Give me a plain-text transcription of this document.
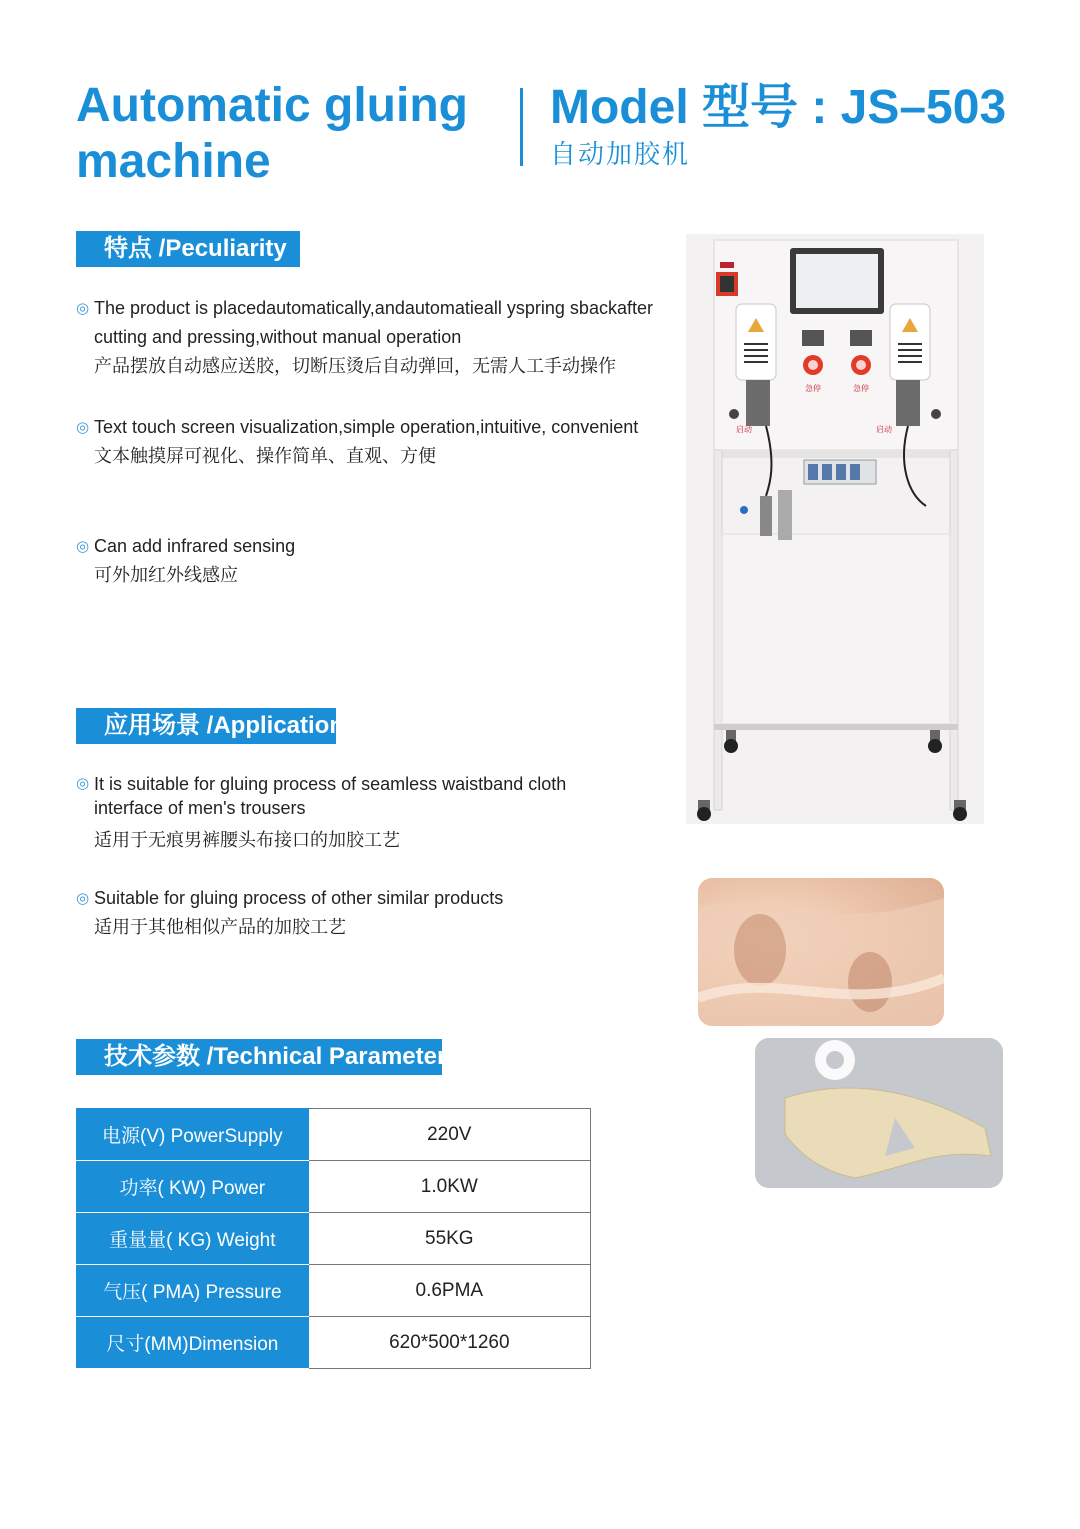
Automatic gluing
machine
Model 型号 : JS–503
自动加胶机
特点 /Peculiarity
◎ The product is placedautomatically,andautomatieall yspring sbackafter cutting and pressing,without manual operation
产品摆放自动感应送胶，切断压烫后自动弹回，无需人工手动操作
◎ Text touch screen visualization,simple operation,intuitive, convenient
文本触摸屏可视化、操作简单、直观、方便
◎ Can add infrared sensing
可外加红外线感应
应用场景 /Application
◎ It is suitable for gluing process of seamless waistband cloth interface of men's trousers
适用于无痕男裤腰头布接口的加胶工艺
◎ Suitable for gluing process of other similar products
适用于其他相似产品的加胶工艺
技术参数 /Technical Parameters
电源(V) PowerSupply	220V
功率( KW) Power	1.0KW
重量量( KG) Weight	55KG
气压( PMA) Pressure	0.6PMA
尺寸(MM)Dimension	620*500*1260
急停	急停
启动	启动
